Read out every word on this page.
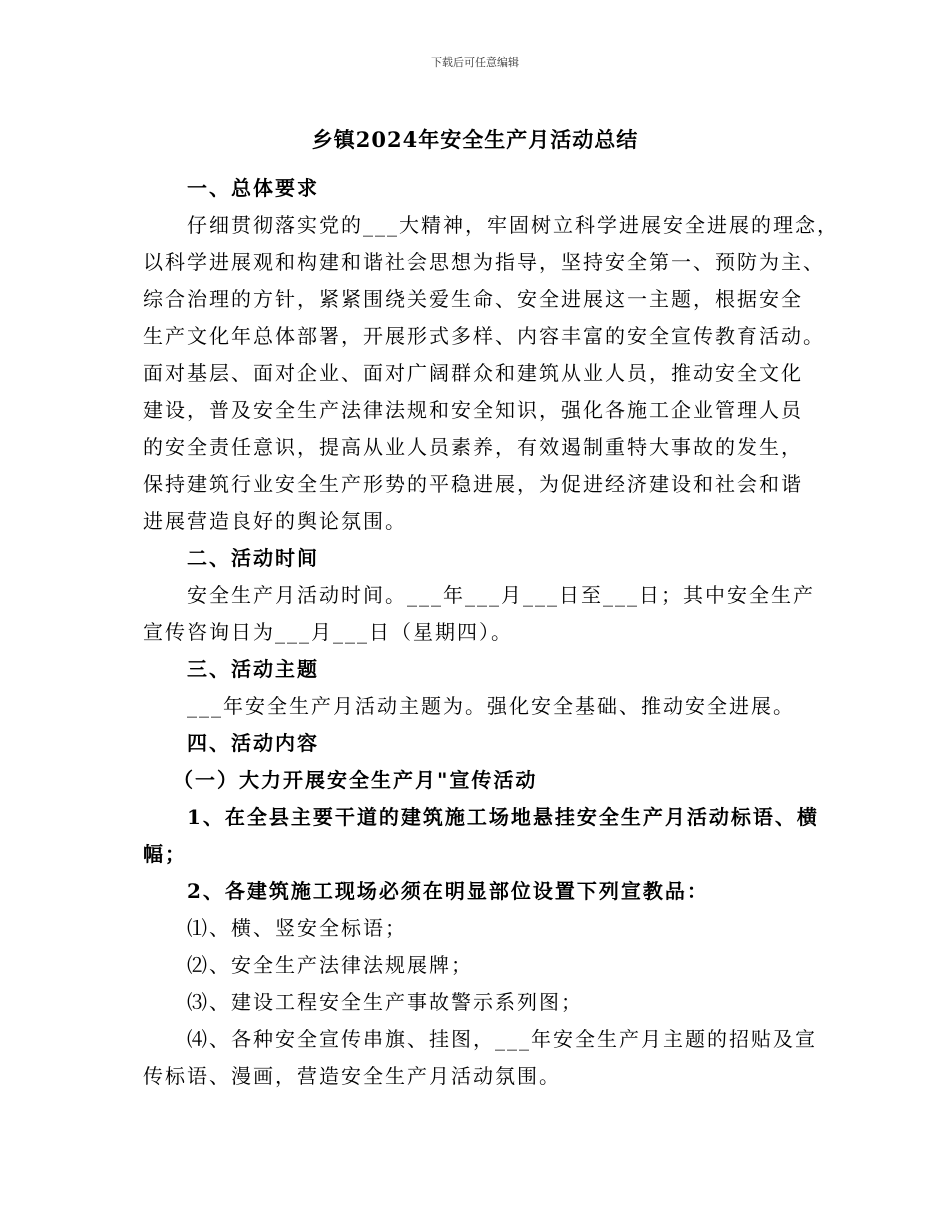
下载后可任意编辑
乡镇2024年安全生产月活动总结
一、总体要求
仔细贯彻落实党的___大精神，牢固树立科学进展安全进展的理念，
以科学进展观和构建和谐社会思想为指导，坚持安全第一、预防为主、
综合治理的方针，紧紧围绕关爱生命、安全进展这一主题，根据安全
生产文化年总体部署，开展形式多样、内容丰富的安全宣传教育活动。
面对基层、面对企业、面对广阔群众和建筑从业人员，推动安全文化
建设，普及安全生产法律法规和安全知识，强化各施工企业管理人员
的安全责任意识，提高从业人员素养，有效遏制重特大事故的发生，
保持建筑行业安全生产形势的平稳进展，为促进经济建设和社会和谐
进展营造良好的舆论氛围。
二、活动时间
安全生产月活动时间。___年___月___日至___日；其中安全生产
宣传咨询日为___月___日（星期四）。
三、活动主题
___年安全生产月活动主题为。强化安全基础、推动安全进展。
四、活动内容
（一）大力开展安全生产月"宣传活动
1、在全县主要干道的建筑施工场地悬挂安全生产月活动标语、横
幅；
2、各建筑施工现场必须在明显部位设置下列宣教品：
⑴、横、竖安全标语；
⑵、安全生产法律法规展牌；
⑶、建设工程安全生产事故警示系列图；
⑷、各种安全宣传串旗、挂图，___年安全生产月主题的招贴及宣
传标语、漫画，营造安全生产月活动氛围。
